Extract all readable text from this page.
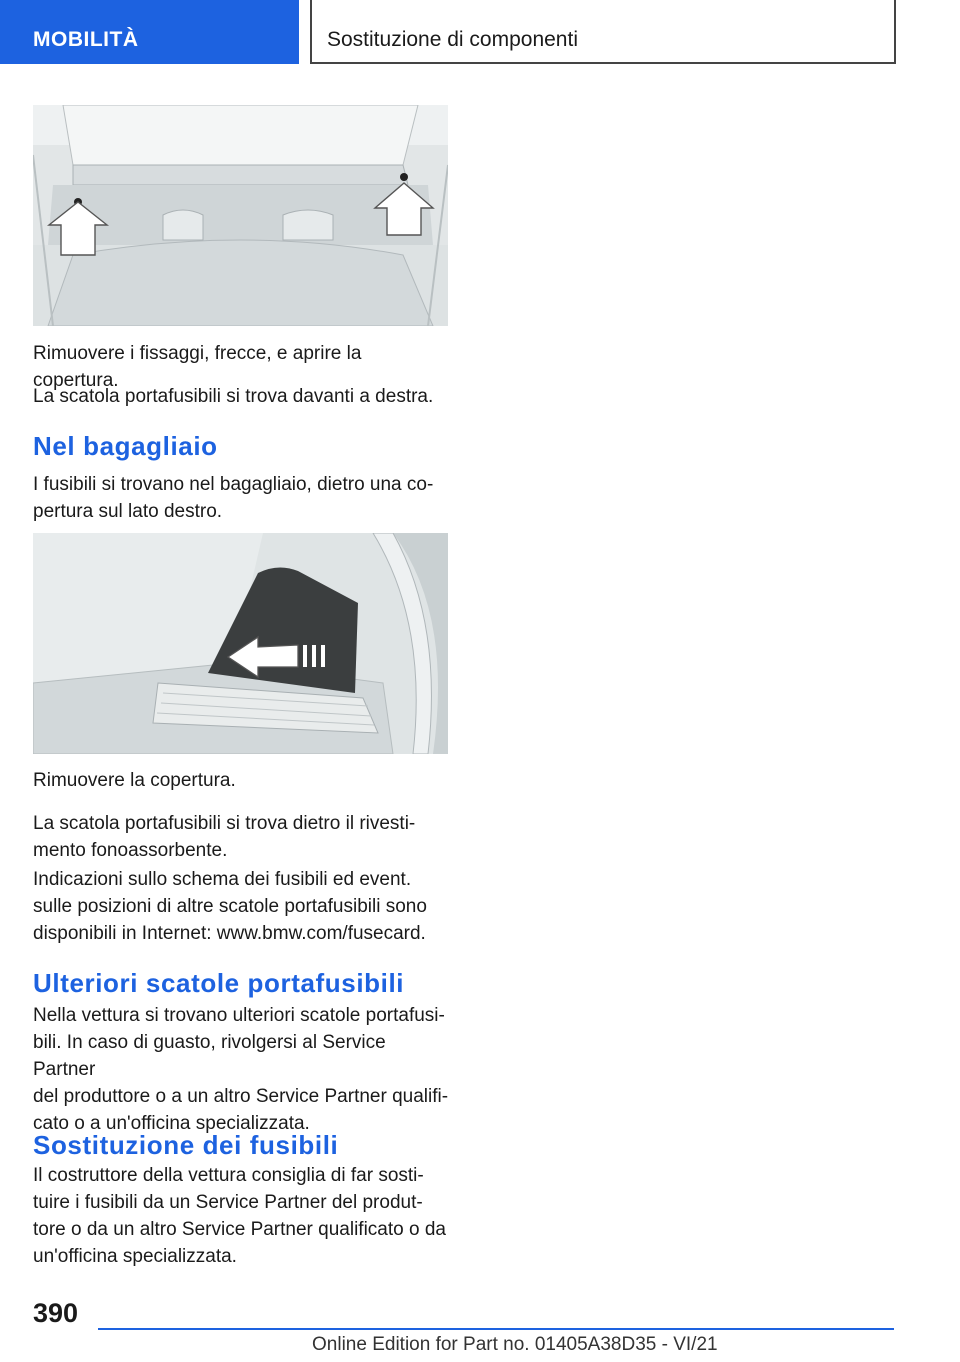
MOBILITÀ	Sostituzione di componenti
Rimuovere i fissaggi, frecce, e aprire la copertura.
La scatola portafusibili si trova davanti a destra.
Nel bagagliaio
I fusibili si trovano nel bagagliaio, dietro una co-
pertura sul lato destro.
Rimuovere la copertura.
La scatola portafusibili si trova dietro il rivesti-
mento fonoassorbente.
Indicazioni sullo schema dei fusibili ed event.
sulle posizioni di altre scatole portafusibili sono
disponibili in Internet: www.bmw.com/fusecard.
Ulteriori scatole portafusibili
Nella vettura si trovano ulteriori scatole portafusi-
bili. In caso di guasto, rivolgersi al Service Partner
del produttore o a un altro Service Partner qualifi-
cato o a un'officina specializzata.
Sostituzione dei fusibili
Il costruttore della vettura consiglia di far sosti-
tuire i fusibili da un Service Partner del produt-
tore o da un altro Service Partner qualificato o da
un'officina specializzata.
390
Online Edition for Part no. 01405A38D35 - VI/21
